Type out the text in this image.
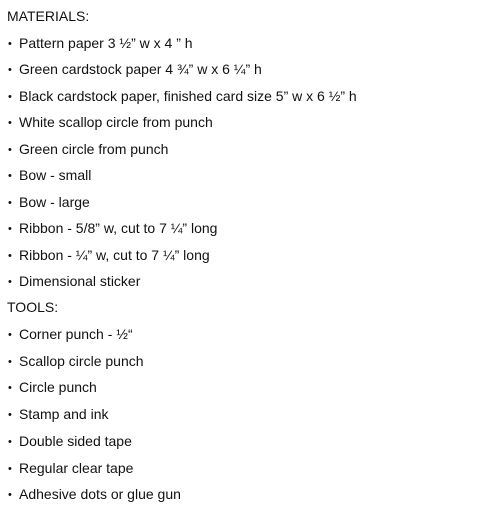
MATERIALS:
• Pattern paper 3 ½” w x 4 ” h
• Green cardstock paper 4 ¾” w x 6 ¼” h
• Black cardstock paper, finished card size 5” w x 6 ½” h
• White scallop circle from punch
• Green circle from punch
• Bow - small
• Bow - large
• Ribbon - 5/8” w, cut to 7 ¼” long
• Ribbon - ¼” w, cut to 7 ¼” long
• Dimensional sticker
TOOLS:
• Corner punch - ½“
• Scallop circle punch
• Circle punch
• Stamp and ink
• Double sided tape
• Regular clear tape
• Adhesive dots or glue gun
